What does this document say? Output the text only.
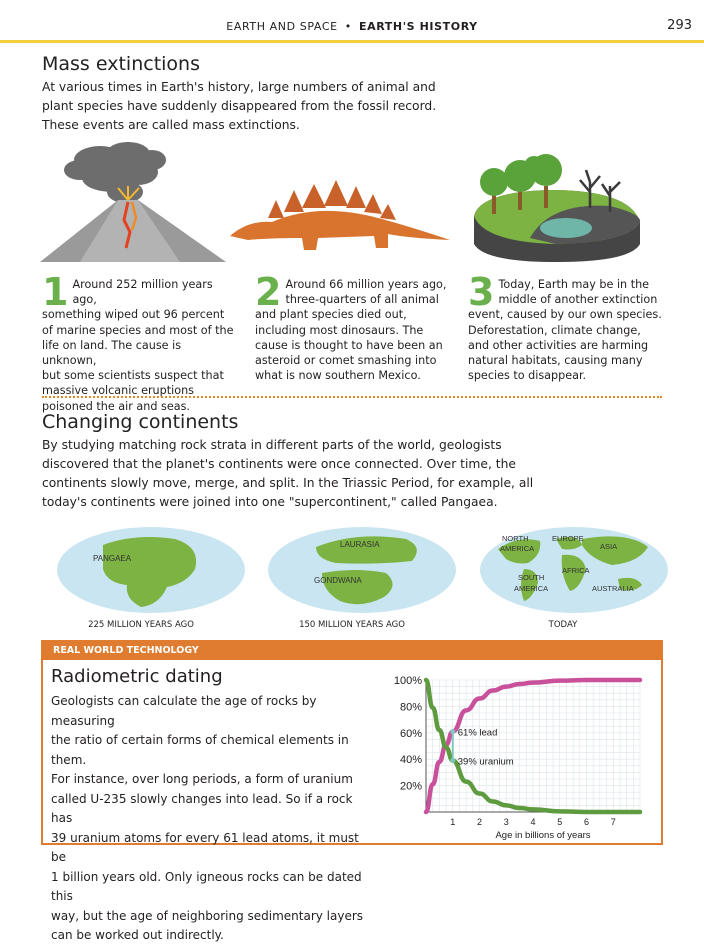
EARTH AND SPACE • EARTH'S HISTORY	293
Mass extinctions

At various times in Earth's history, large numbers of animal and
plant species have suddenly disappeared from the fossil record.
These events are called mass extinctions.

1 Around 252 million years ago,
something wiped out 96 percent
of marine species and most of the
life on land. The cause is unknown,
but some scientists suspect that
massive volcanic eruptions
poisoned the air and seas.
2 Around 66 million years ago,
three-quarters of all animal
and plant species died out,
including most dinosaurs. The
cause is thought to have been an
asteroid or comet smashing into
what is now southern Mexico.
3 Today, Earth may be in the
middle of another extinction
event, caused by our own species.
Deforestation, climate change,
and other activities are harming
natural habitats, causing many
species to disappear.
Changing continents

By studying matching rock strata in different parts of the world, geologists
discovered that the planet's continents were once connected. Over time, the
continents slowly move, merge, and split. In the Triassic Period, for example, all
today's continents were joined into one "supercontinent," called Pangaea.

PANGAEA
225 MILLION YEARS AGO
LAURASIA
GONDWANA
150 MILLION YEARS AGO
NORTH
AMERICA
EUROPE
ASIA
AFRICA
SOUTH
AMERICA	AUSTRALIA
TODAY
REAL WORLD TECHNOLOGY
Radiometric dating

Geologists can calculate the age of rocks by measuring
the ratio of certain forms of chemical elements in them.
For instance, over long periods, a form of uranium
called U-235 slowly changes into lead. So if a rock has
39 uranium atoms for every 61 lead atoms, it must be
1 billion years old. Only igneous rocks can be dated this
way, but the age of neighboring sedimentary layers
can be worked out indirectly.

20%
40%
60%
80%
100%
1 2 3 4 5 6 7
Age in billions of years
61% lead
39% uranium
